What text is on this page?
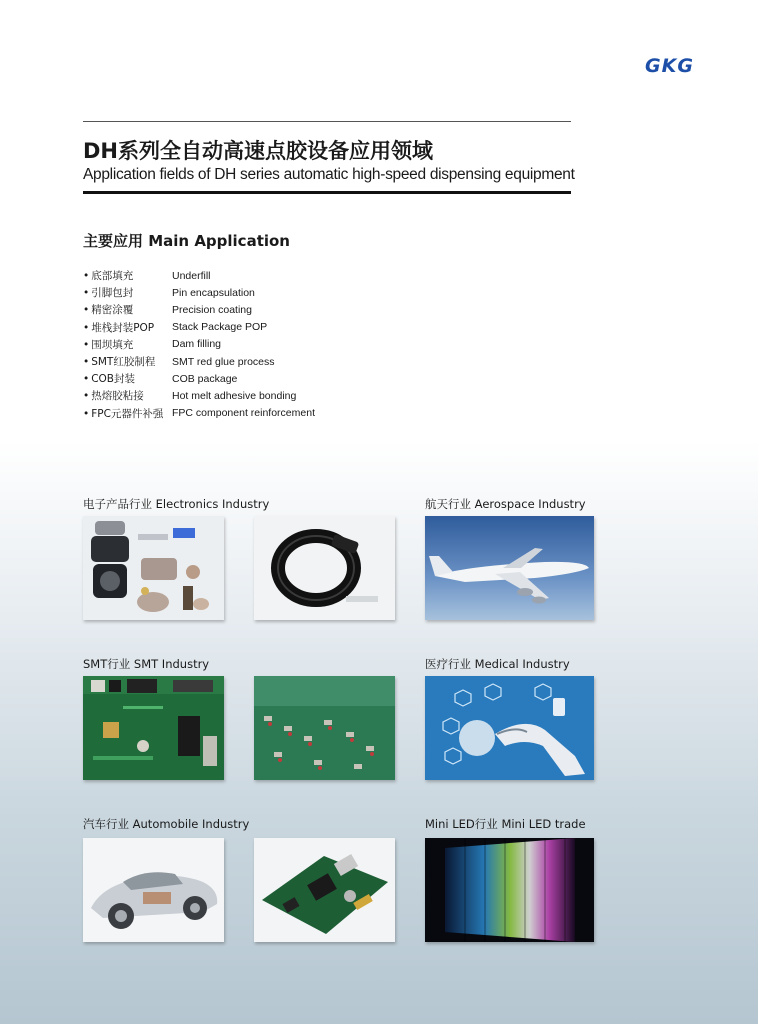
GKG
DH系列全自动高速点胶设备应用领域
Application fields of DH series automatic high-speed dispensing equipment
主要应用 Main Application
• 底部填充	Underfill
• 引脚包封	Pin encapsulation
• 精密涂覆	Precision coating
• 堆栈封装POP	Stack Package POP
• 围坝填充	Dam filling
• SMT红胶制程	SMT red glue process
• COB封装	COB package
• 热熔胶粘接	Hot melt adhesive bonding
• FPC元器件补强 FPC component reinforcement
电子产品行业 Electronics Industry	航天行业 Aerospace Industry
SMT行业 SMT Industry	医疗行业 Medical Industry
汽车行业 Automobile Industry	Mini LED行业 Mini LED trade
